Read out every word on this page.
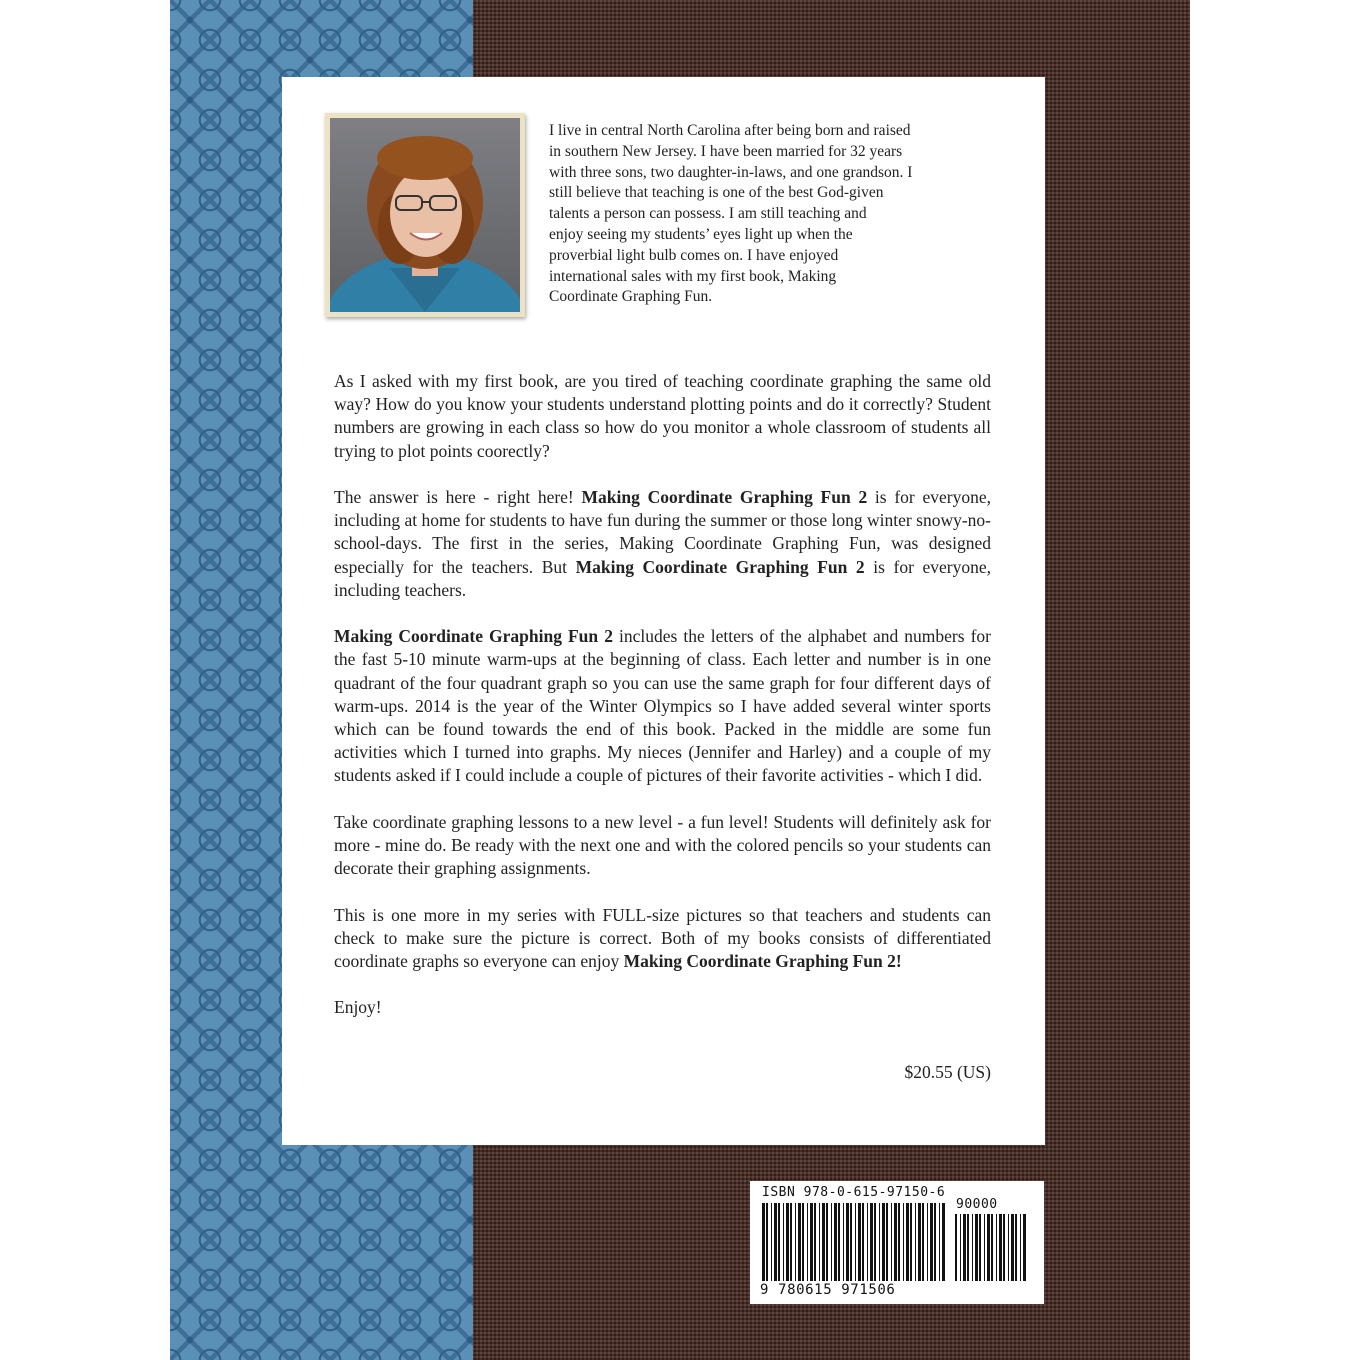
I live in central North Carolina after being born and raised
in southern New Jersey. I have been married for 32 years
with three sons, two daughter-in-laws, and one grandson. I
still believe that teaching is one of the best God-given
talents a person can possess. I am still teaching and
enjoy seeing my students’ eyes light up when the
proverbial light bulb comes on. I have enjoyed
international sales with my first book, Making
Coordinate Graphing Fun.

As I asked with my first book, are you tired of teaching coordinate graphing the same old way? How do you know your students understand plotting points and do it correctly? Student numbers are growing in each class so how do you monitor a whole classroom of students all trying to plot points coorectly?

The answer is here - right here! Making Coordinate Graphing Fun 2 is for everyone, including at home for students to have fun during the summer or those long winter snowy-no-school-days. The first in the series, Making Coordinate Graphing Fun, was designed especially for the teachers. But Making Coordinate Graphing Fun 2 is for everyone, including teachers.

Making Coordinate Graphing Fun 2 includes the letters of the alphabet and numbers for the fast 5-10 minute warm-ups at the beginning of class. Each letter and number is in one quadrant of the four quadrant graph so you can use the same graph for four different days of warm-ups. 2014 is the year of the Winter Olympics so I have added several winter sports which can be found towards the end of this book. Packed in the middle are some fun activities which I turned into graphs. My nieces (Jennifer and Harley) and a couple of my students asked if I could include a couple of pictures of their favorite activities - which I did.

Take coordinate graphing lessons to a new level - a fun level! Students will definitely ask for more - mine do. Be ready with the next one and with the colored pencils so your students can decorate their graphing assignments.

This is one more in my series with FULL-size pictures so that teachers and students can check to make sure the picture is correct. Both of my books consists of differentiated coordinate graphs so everyone can enjoy Making Coordinate Graphing Fun 2!

Enjoy!

$20.55 (US)
ISBN 978-0-615-97150-6
90000
9 780615 971506
